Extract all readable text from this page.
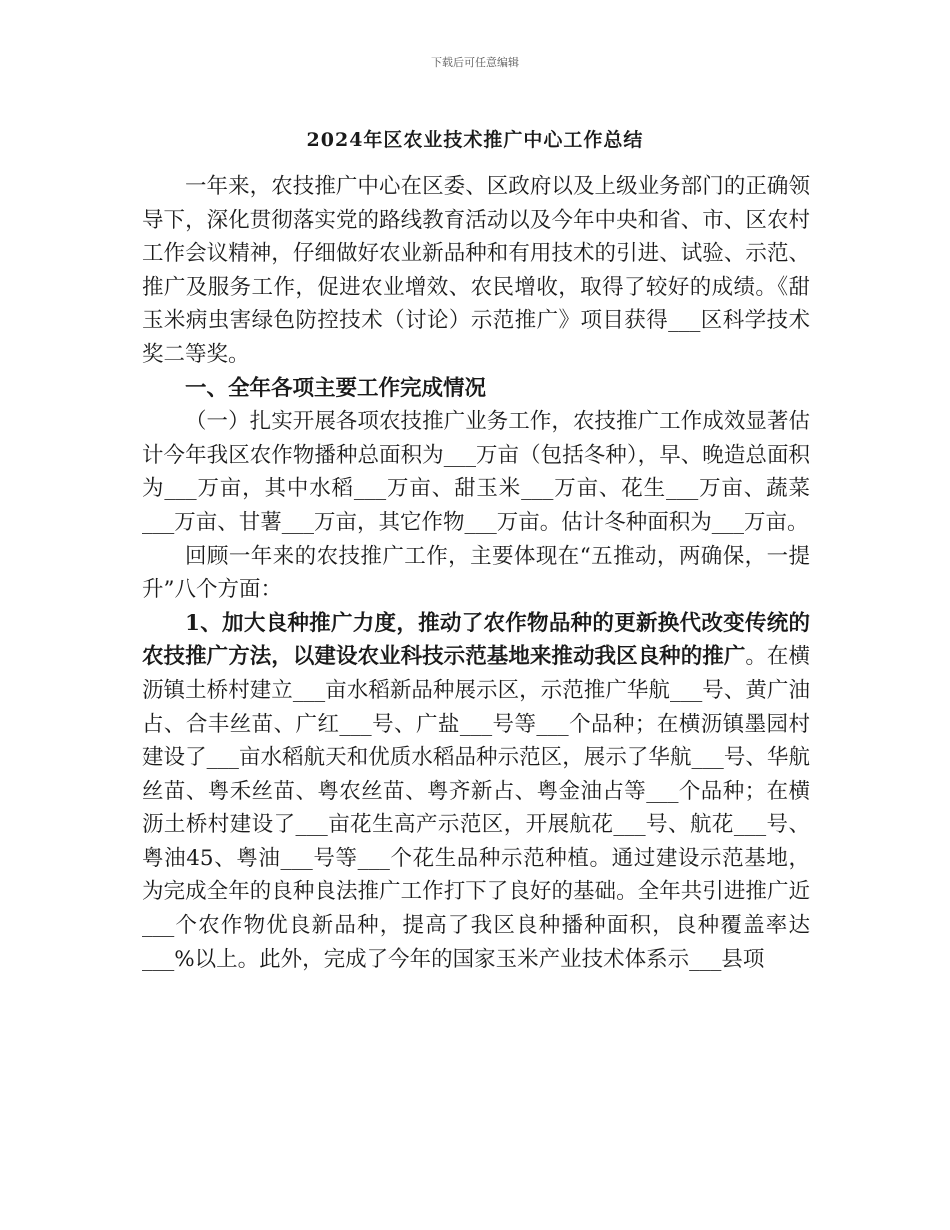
下载后可任意编辑
2024年区农业技术推广中心工作总结

一年来，农技推广中心在区委、区政府以及上级业务部门的正确领导下，深化贯彻落实党的路线教育活动以及今年中央和省、市、区农村工作会议精神，仔细做好农业新品种和有用技术的引进、试验、示范、推广及服务工作，促进农业增效、农民增收，取得了较好的成绩。《甜玉米病虫害绿色防控技术（讨论）示范推广》项目获得___区科学技术奖二等奖。

一、全年各项主要工作完成情况

（一）扎实开展各项农技推广业务工作，农技推广工作成效显著估计今年我区农作物播种总面积为___万亩（包括冬种），早、晚造总面积为___万亩，其中水稻___万亩、甜玉米___万亩、花生___万亩、蔬菜___万亩、甘薯___万亩，其它作物___万亩。估计冬种面积为___万亩。

回顾一年来的农技推广工作，主要体现在“五推动，两确保，一提升”八个方面：

1、加大良种推广力度，推动了农作物品种的更新换代改变传统的农技推广方法，以建设农业科技示范基地来推动我区良种的推广。在横沥镇土桥村建立___亩水稻新品种展示区，示范推广华航___号、黄广油占、合丰丝苗、广红___号、广盐___号等___个品种；在横沥镇墨园村建设了___亩水稻航天和优质水稻品种示范区，展示了华航___号、华航丝苗、粤禾丝苗、粤农丝苗、粤齐新占、粤金油占等___个品种；在横沥土桥村建设了___亩花生高产示范区，开展航花___号、航花___号、粤油45、粤油___号等___个花生品种示范种植。通过建设示范基地，为完成全年的良种良法推广工作打下了良好的基础。全年共引进推广近___个农作物优良新品种，提高了我区良种播种面积，良种覆盖率达___%以上。此外，完成了今年的国家玉米产业技术体系示___县项
